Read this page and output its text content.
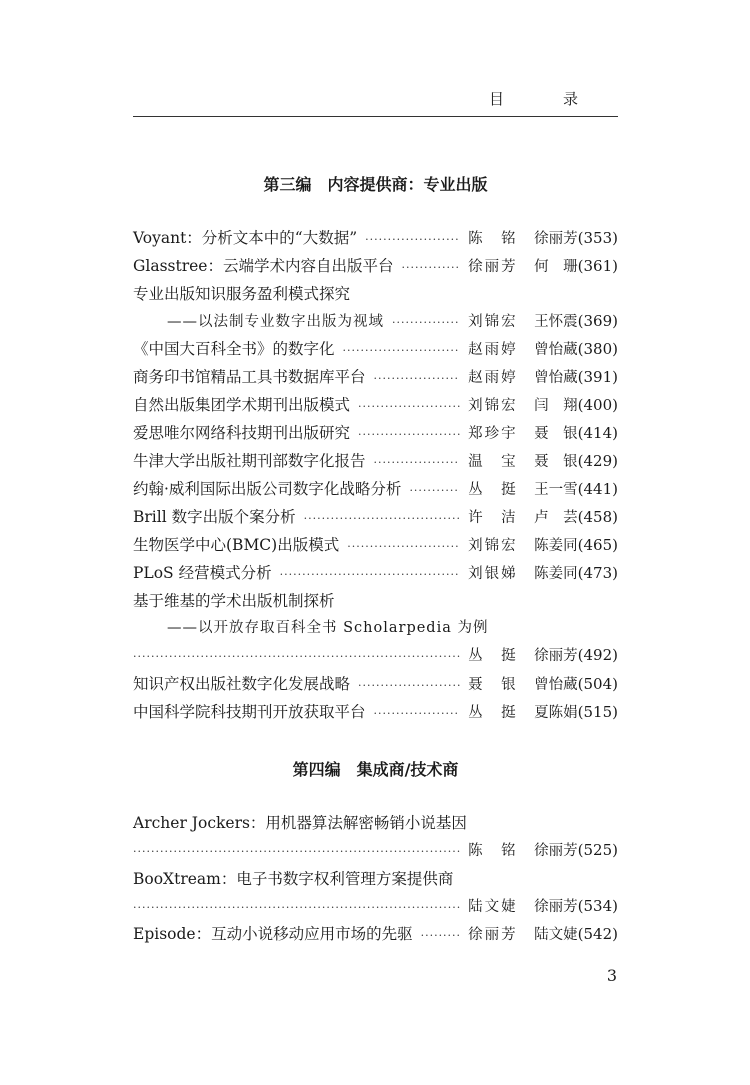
目　录
第三编　内容提供商：专业出版
Voyant：分析文本中的“大数据” ·····	陈　铭	徐丽芳(353)
Glasstree：云端学术内容自出版平台 ·····	徐丽芳	何　珊(361)
专业出版知识服务盈利模式探究
——以法制专业数字出版为视域 ·····	刘锦宏	王怀震(369)
《中国大百科全书》的数字化 ·····	赵雨婷	曾怡蔵(380)
商务印书馆精品工具书数据库平台 ·····	赵雨婷	曾怡蔵(391)
自然出版集团学术期刊出版模式 ·····	刘锦宏	闫　翔(400)
爱思唯尔网络科技期刊出版研究 ·····	郑珍宇	聂　银(414)
牛津大学出版社期刊部数字化报告 ·····	温　宝	聂　银(429)
约翰·威利国际出版公司数字化战略分析 ·····	丛　挺	王一雪(441)
Brill 数字出版个案分析 ·····	许　洁	卢　芸(458)
生物医学中心(BMC)出版模式 ·····	刘锦宏	陈姜同(465)
PLoS 经营模式分析 ·····	刘银娣	陈姜同(473)
基于维基的学术出版机制探析
——以开放存取百科全书 Scholarpedia 为例
·····
丛　挺	徐丽芳(492)
知识产权出版社数字化发展战略 ·····	聂　银	曾怡蔵(504)
中国科学院科技期刊开放获取平台 ·····	丛　挺	夏陈娟(515)
第四编　集成商/技术商
Archer Jockers：用机器算法解密畅销小说基因
·····
陈　铭	徐丽芳(525)
BooXtream：电子书数字权利管理方案提供商
·····
陆文婕	徐丽芳(534)
Episode：互动小说移动应用市场的先驱 ·····	徐丽芳	陆文婕(542)
3
